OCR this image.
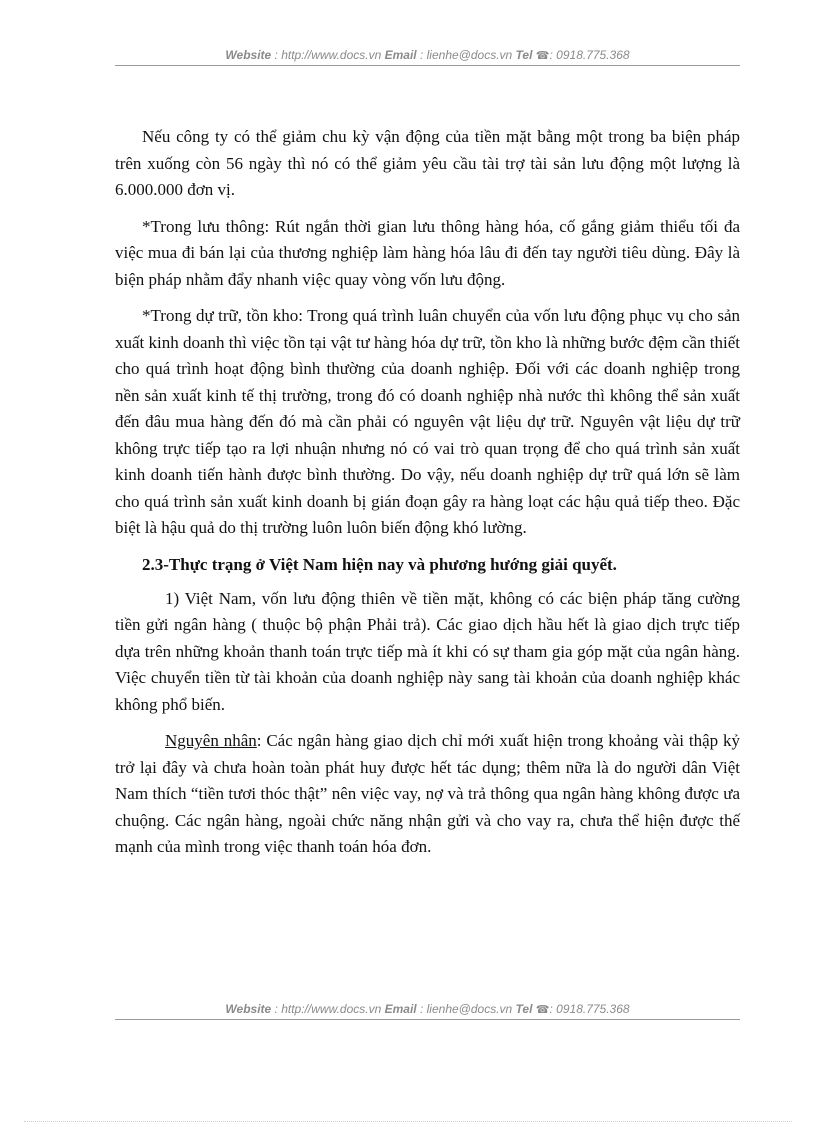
Website : http://www.docs.vn Email : lienhe@docs.vn Tel ☎: 0918.775.368

Nếu công ty có thể giảm chu kỳ vận động của tiền mặt bằng một trong ba biện pháp trên xuống còn 56 ngày thì nó có thể giảm yêu cầu tài trợ tài sản lưu động một lượng là 6.000.000 đơn vị.

*Trong lưu thông: Rút ngắn thời gian lưu thông hàng hóa, cố gắng giảm thiểu tối đa việc mua đi bán lại của thương nghiệp làm hàng hóa lâu đi đến tay người tiêu dùng. Đây là biện pháp nhằm đẩy nhanh việc quay vòng vốn lưu động.

*Trong dự trữ, tồn kho: Trong quá trình luân chuyển của vốn lưu động phục vụ cho sản xuất kinh doanh thì việc tồn tại vật tư hàng hóa dự trữ, tồn kho là những bước đệm cần thiết cho quá trình hoạt động bình thường của doanh nghiệp. Đối với các doanh nghiệp trong nền sản xuất kinh tế thị trường, trong đó có doanh nghiệp nhà nước thì không thể sản xuất đến đâu mua hàng đến đó mà cần phải có nguyên vật liệu dự trữ. Nguyên vật liệu dự trữ không trực tiếp tạo ra lợi nhuận nhưng nó có vai trò quan trọng để cho quá trình sản xuất kinh doanh tiến hành được bình thường. Do vậy, nếu doanh nghiệp dự trữ quá lớn sẽ làm cho quá trình sản xuất kinh doanh bị gián đoạn gây ra hàng loạt các hậu quả tiếp theo. Đặc biệt là hậu quả do thị trường luôn luôn biến động khó lường.

2.3-Thực trạng ở Việt Nam hiện nay và phương hướng giải quyết.

1) Việt Nam, vốn lưu động thiên về tiền mặt, không có các biện pháp tăng cường tiền gửi ngân hàng ( thuộc bộ phận Phải trả). Các giao dịch hầu hết là giao dịch trực tiếp dựa trên những khoản thanh toán trực tiếp mà ít khi có sự tham gia góp mặt của ngân hàng. Việc chuyển tiền từ tài khoản của doanh nghiệp này sang tài khoản của doanh nghiệp khác không phổ biến.

Nguyên nhân: Các ngân hàng giao dịch chỉ mới xuất hiện trong khoảng vài thập kỷ trở lại đây và chưa hoàn toàn phát huy được hết tác dụng; thêm nữa là do người dân Việt Nam thích “tiền tươi thóc thật” nên việc vay, nợ và trả thông qua ngân hàng không được ưa chuộng. Các ngân hàng, ngoài chức năng nhận gửi và cho vay ra, chưa thể hiện được thế mạnh của mình trong việc thanh toán hóa đơn.

Website : http://www.docs.vn Email : lienhe@docs.vn Tel ☎: 0918.775.368
